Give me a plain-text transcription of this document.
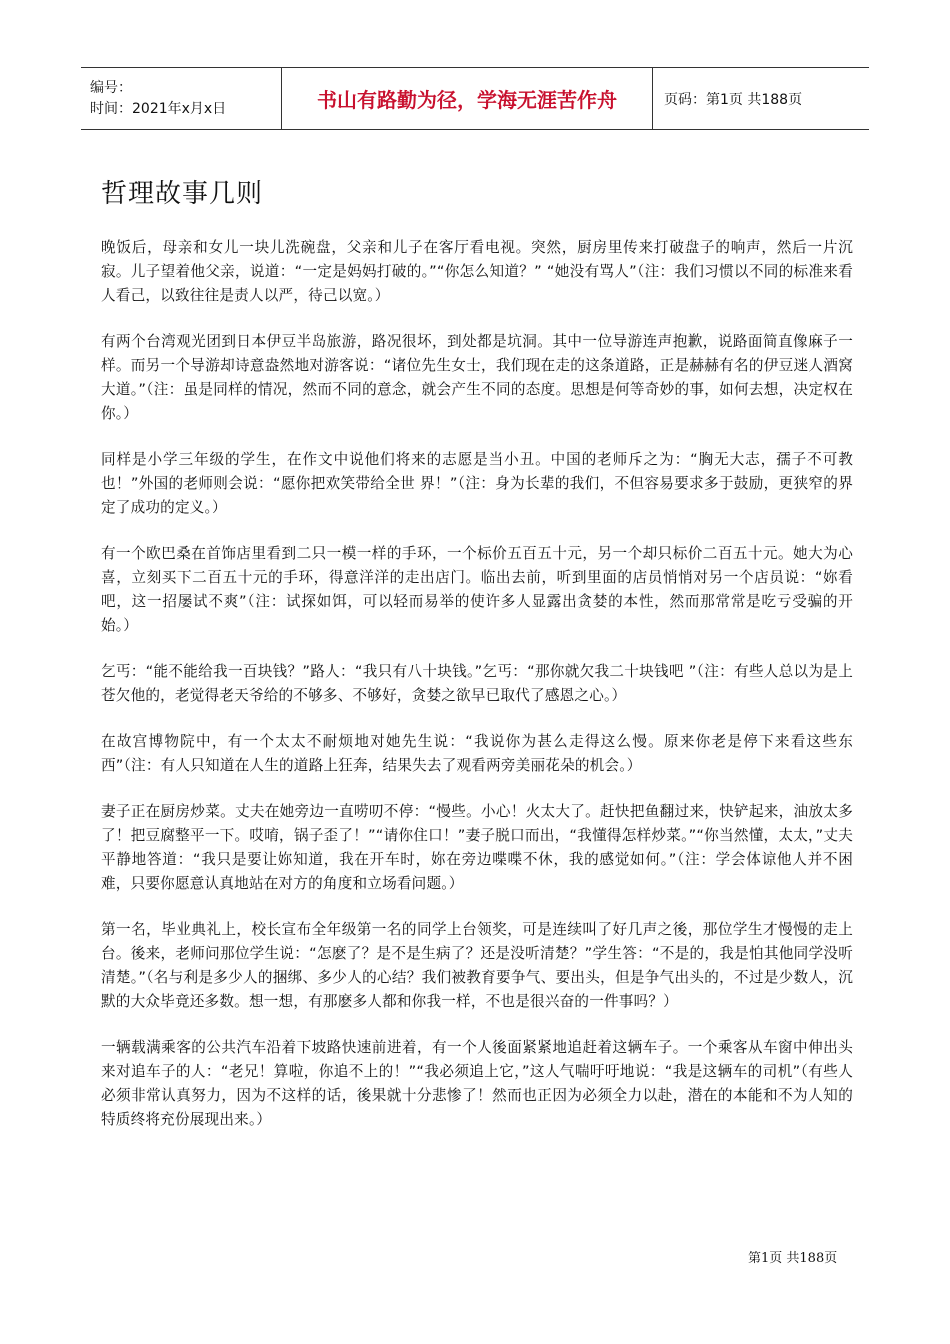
编号：
时间：2021年x月x日	书山有路勤为径，学海无涯苦作舟	页码：第1页 共188页
哲理故事几则

晚饭后，母亲和女儿一块儿洗碗盘，父亲和儿子在客厅看电视。突然，厨房里传来打破盘子的响声，然后一片沉寂。儿子望着他父亲，说道：“一定是妈妈打破的。”“你怎么知道？” “她没有骂人”（注：我们习惯以不同的标准来看人看己，以致往往是责人以严，待己以宽。）

有两个台湾观光团到日本伊豆半岛旅游，路况很坏，到处都是坑洞。其中一位导游连声抱歉，说路面简直像麻子一样。而另一个导游却诗意盎然地对游客说：“诸位先生女士，我们现在走的这条道路，正是赫赫有名的伊豆迷人酒窝大道。”（注：虽是同样的情况，然而不同的意念，就会产生不同的态度。思想是何等奇妙的事，如何去想，决定权在你。）

同样是小学三年级的学生，在作文中说他们将来的志愿是当小丑。中国的老师斥之为：“胸无大志，孺子不可教也！”外国的老师则会说：“愿你把欢笑带给全世 界！”（注：身为长辈的我们，不但容易要求多于鼓励，更狭窄的界定了成功的定义。）

有一个欧巴桑在首饰店里看到二只一模一样的手环，一个标价五百五十元，另一个却只标价二百五十元。她大为心喜，立刻买下二百五十元的手环，得意洋洋的走出店门。临出去前，听到里面的店员悄悄对另一个店员说：“妳看吧，这一招屡试不爽”（注：试探如饵，可以轻而易举的使许多人显露出贪婪的本性，然而那常常是吃亏受骗的开始。）

乞丐：“能不能给我一百块钱？”路人：“我只有八十块钱。”乞丐：“那你就欠我二十块钱吧 ”（注：有些人总以为是上苍欠他的，老觉得老天爷给的不够多、不够好，贪婪之欲早已取代了感恩之心。）

在故宫博物院中，有一个太太不耐烦地对她先生说：“我说你为甚么走得这么慢。原来你老是停下来看这些东西”（注：有人只知道在人生的道路上狂奔，结果失去了观看两旁美丽花朵的机会。）

妻子正在厨房炒菜。丈夫在她旁边一直唠叨不停：“慢些。小心！火太大了。赶快把鱼翻过来，快铲起来，油放太多了！把豆腐整平一下。哎唷，锅子歪了！”“请你住口！”妻子脱口而出，“我懂得怎样炒菜。”“你当然懂，太太，”丈夫平静地答道：“我只是要让妳知道，我在开车时，妳在旁边喋喋不休，我的感觉如何。”（注：学会体谅他人并不困难，只要你愿意认真地站在对方的角度和立场看问题。）

第一名，毕业典礼上，校长宣布全年级第一名的同学上台领奖，可是连续叫了好几声之後，那位学生才慢慢的走上台。後来，老师问那位学生说：“怎麽了？是不是生病了？还是没听清楚？”学生答：“不是的，我是怕其他同学没听清楚。”（名与利是多少人的捆绑、多少人的心结？我们被教育要争气、要出头，但是争气出头的，不过是少数人，沉默的大众毕竟还多数。想一想，有那麽多人都和你我一样，不也是很兴奋的一件事吗？）

一辆载满乘客的公共汽车沿着下坡路快速前进着，有一个人後面紧紧地追赶着这辆车子。一个乘客从车窗中伸出头来对追车子的人：“老兄！算啦，你追不上的！”“我必须追上它，”这人气喘吁吁地说：“我是这辆车的司机”（有些人必须非常认真努力，因为不这样的话，後果就十分悲惨了！然而也正因为必须全力以赴，潜在的本能和不为人知的特质终将充份展现出来。）

第1页 共188页
